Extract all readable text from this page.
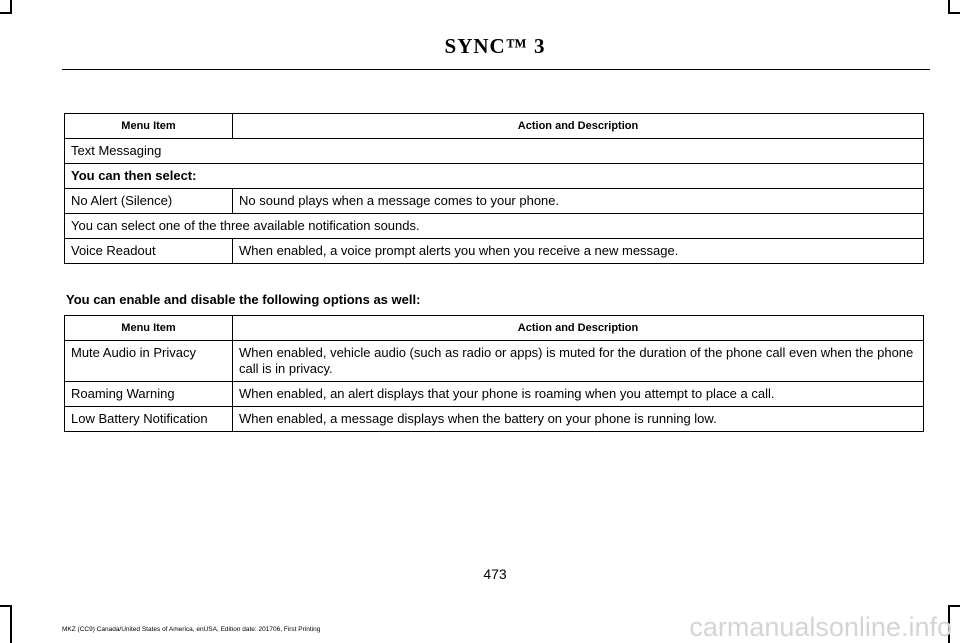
SYNC™ 3
Menu Item	Action and Description
Text Messaging	
You can then select:	
No Alert (Silence)	No sound plays when a message comes to your phone.
You can select one of the three available notification sounds.	
Voice Readout	When enabled, a voice prompt alerts you when you receive a new message.
You can enable and disable the following options as well:
Menu Item	Action and Description
Mute Audio in Privacy	When enabled, vehicle audio (such as radio or apps) is muted for the duration of the phone call even when the phone call is in privacy.
Roaming Warning	When enabled, an alert displays that your phone is roaming when you attempt to place a call.
Low Battery Notification	When enabled, a message displays when the battery on your phone is running low.
473
MKZ (CC9) Canada/United States of America, enUSA, Edition date: 201706, First Printing	carmanualsonline.info
